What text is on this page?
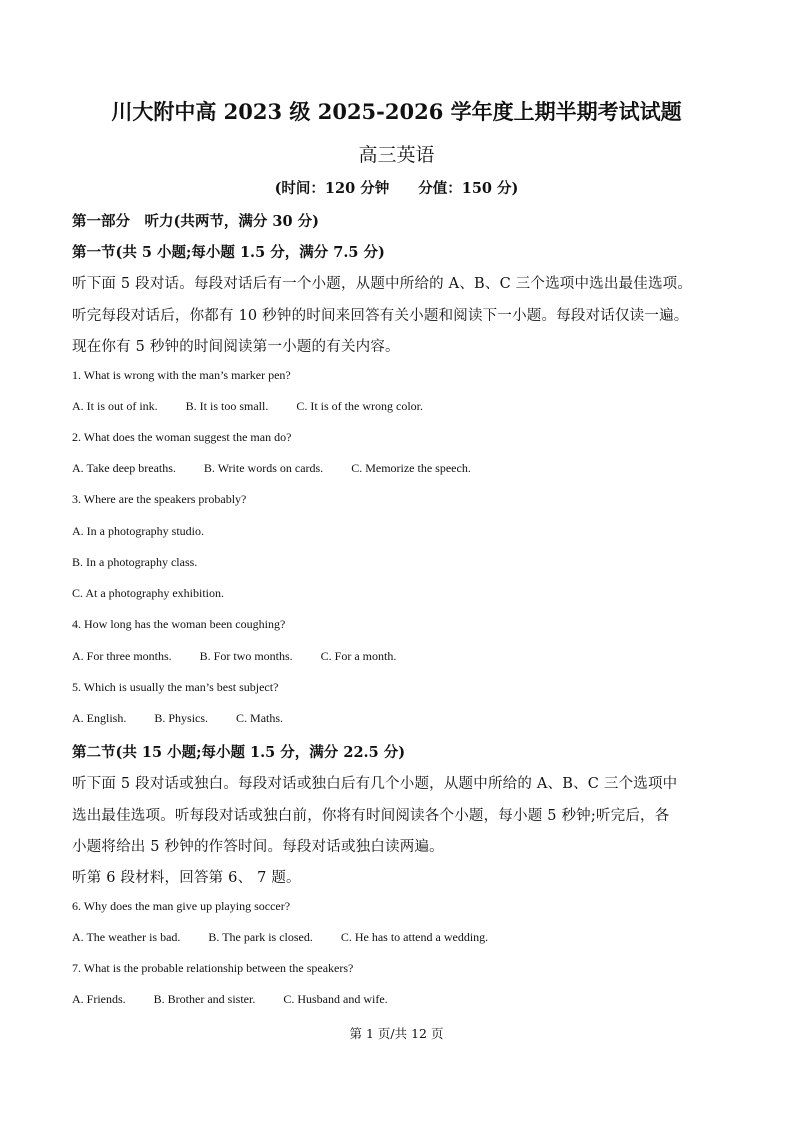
川大附中高 2023 级 2025-2026 学年度上期半期考试试题
高三英语
(时间：120 分钟　　分值：150 分)
第一部分　听力(共两节，满分 30 分)
第一节(共 5 小题;每小题 1.5 分，满分 7.5 分)
听下面 5 段对话。每段对话后有一个小题，从题中所给的 A、B、C 三个选项中选出最佳选项。
听完每段对话后，你都有 10 秒钟的时间来回答有关小题和阅读下一小题。每段对话仅读一遍。
现在你有 5 秒钟的时间阅读第一小题的有关内容。
1. What is wrong with the man’s marker pen?
A. It is out of ink. B. It is too small. C. It is of the wrong color.
2. What does the woman suggest the man do?
A. Take deep breaths. B. Write words on cards. C. Memorize the speech.
3. Where are the speakers probably?
A. In a photography studio.
B. In a photography class.
C. At a photography exhibition.
4. How long has the woman been coughing?
A. For three months. B. For two months. C. For a month.
5. Which is usually the man’s best subject?
A. English. B. Physics. C. Maths.
第二节(共 15 小题;每小题 1.5 分，满分 22.5 分)
听下面 5 段对话或独白。每段对话或独白后有几个小题，从题中所给的 A、B、C 三个选项中
选出最佳选项。听每段对话或独白前，你将有时间阅读各个小题，每小题 5 秒钟;听完后，各
小题将给出 5 秒钟的作答时间。每段对话或独白读两遍。
听第 6 段材料，回答第 6、 7 题。
6. Why does the man give up playing soccer?
A. The weather is bad. B. The park is closed. C. He has to attend a wedding.
7. What is the probable relationship between the speakers?
A. Friends. B. Brother and sister. C. Husband and wife.
第 1 页/共 12 页
